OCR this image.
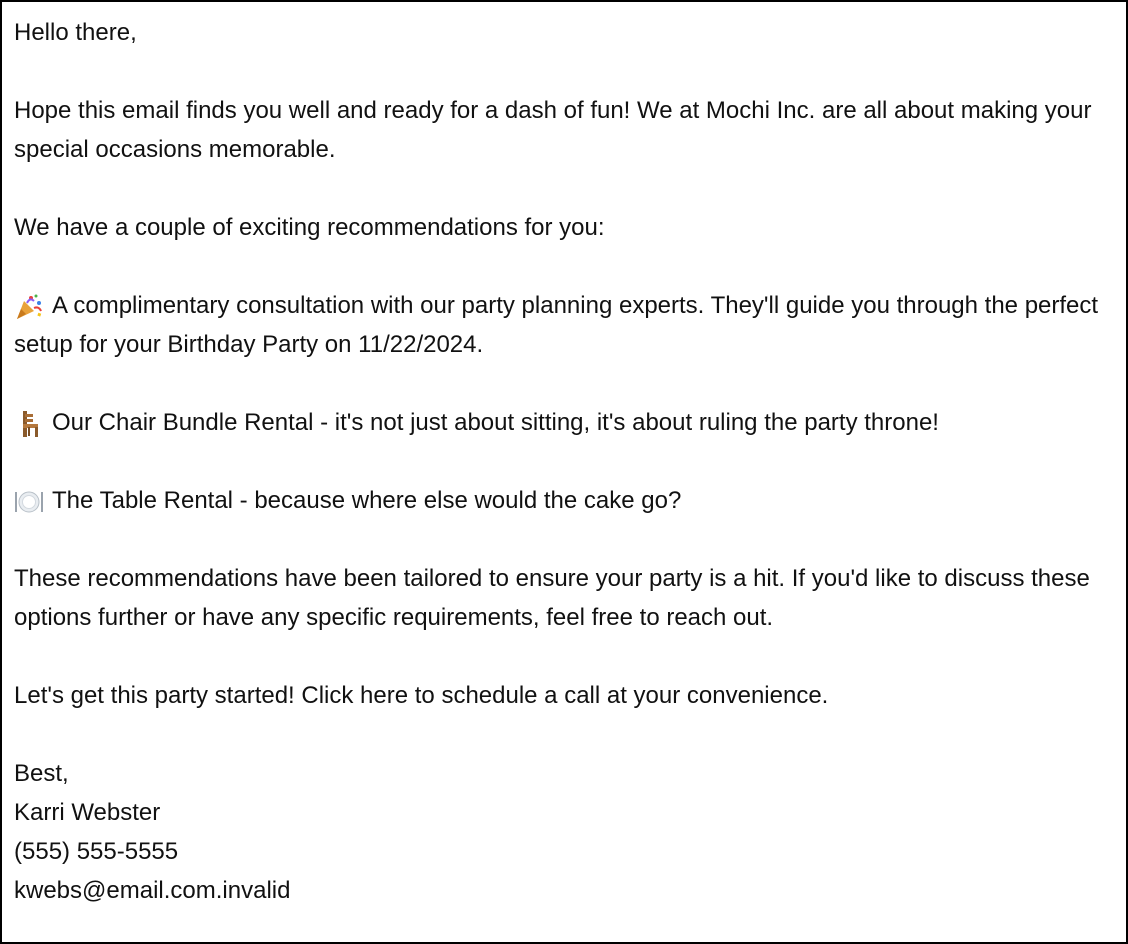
Hello there,

Hope this email finds you well and ready for a dash of fun! We at Mochi Inc. are all about making your special occasions memorable.

We have a couple of exciting recommendations for you:

A complimentary consultation with our party planning experts. They'll guide you through the perfect setup for your Birthday Party on 11/22/2024.

Our Chair Bundle Rental - it's not just about sitting, it's about ruling the party throne!

The Table Rental - because where else would the cake go?

These recommendations have been tailored to ensure your party is a hit. If you'd like to discuss these options further or have any specific requirements, feel free to reach out.

Let's get this party started! Click here to schedule a call at your convenience.

Best,
Karri Webster
(555) 555-5555
kwebs@email.com.invalid
